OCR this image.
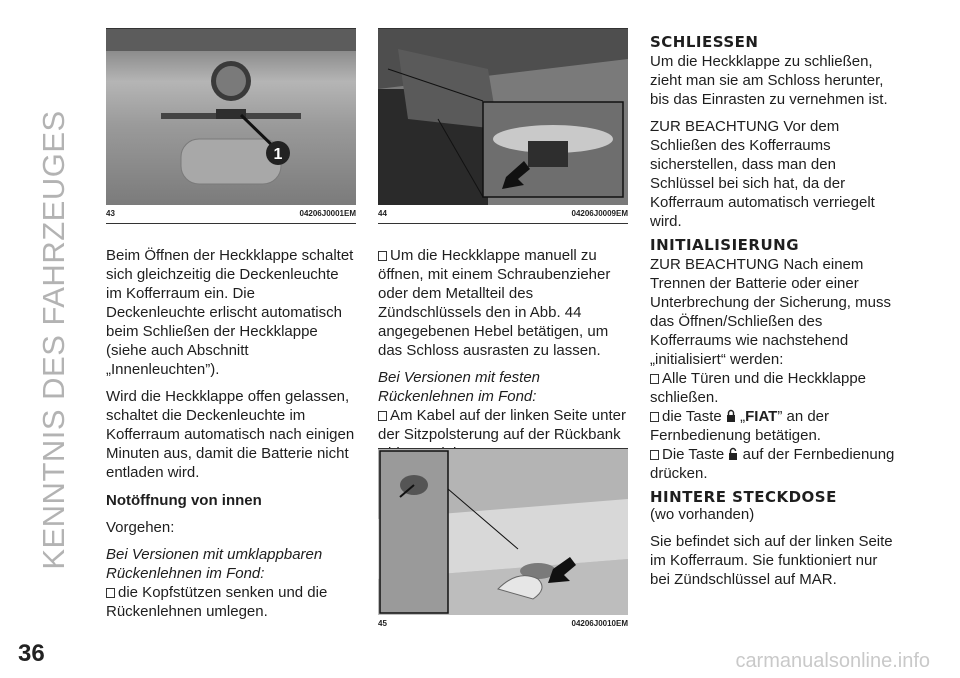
KENNTNIS DES FAHRZEUGES	1
43	04206J0001EM

Beim Öffnen der Heckklappe schaltet sich gleichzeitig die Deckenleuchte im Kofferraum ein. Die Deckenleuchte erlischt automatisch beim Schließen der Heckklappe (siehe auch Abschnitt „Innenleuchten”).

Wird die Heckklappe offen gelassen, schaltet die Deckenleuchte im Kofferraum automatisch nach einigen Minuten aus, damit die Batterie nicht entladen wird.

Notöffnung von innen

Vorgehen:

Bei Versionen mit umklappbaren Rückenlehnen im Fond:

die Kopfstützen senken und die Rückenlehnen umlegen.

44	04206J0009EM

Um die Heckklappe manuell zu öffnen, mit einem Schraubenzieher oder dem Metallteil des Zündschlüssels den in Abb. 44 angegebenen Hebel betätigen, um das Schloss ausrasten zu lassen.

Bei Versionen mit festen Rückenlehnen im Fond:

Am Kabel auf der linken Seite unter der Sitzpolsterung auf der Rückbank

45	04206J0010EM

SCHLIESSEN

Um die Heckklappe zu schließen, zieht man sie am Schloss herunter, bis das Einrasten zu vernehmen ist.

ZUR BEACHTUNG Vor dem Schließen des Kofferraums sicherstellen, dass man den Schlüssel bei sich hat, da der Kofferraum automatisch verriegelt wird.

INITIALISIERUNG

ZUR BEACHTUNG Nach einem Trennen der Batterie oder einer Unterbrechung der Sicherung, muss das Öffnen/Schließen des Kofferraums wie nachstehend „initialisiert“ werden:

Alle Türen und die Heckklappe schließen.

die Taste „FIAT” an der Fernbedienung betätigen.

Die Taste auf der Fernbedienung drücken.

HINTERE STECKDOSE

(wo vorhanden)

Sie befindet sich auf der linken Seite im Kofferraum. Sie funktioniert nur bei Zündschlüssel auf MAR.

36	carmanualsonline.info
